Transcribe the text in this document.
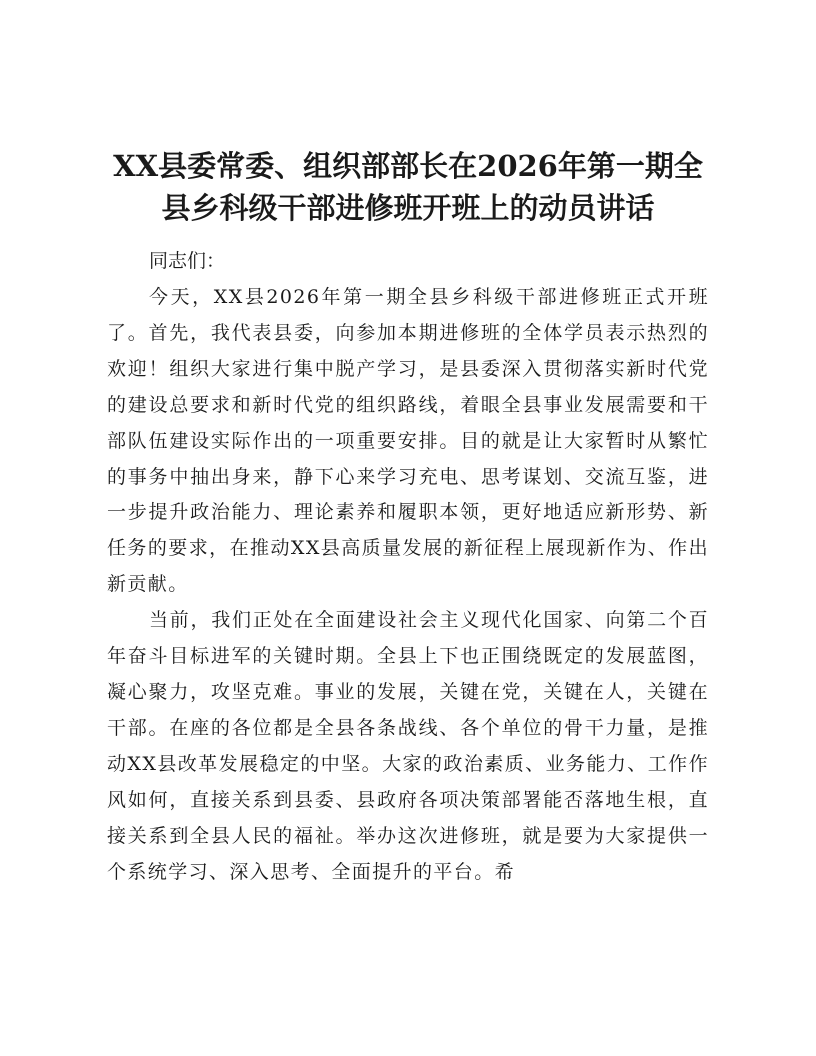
XX县委常委、组织部部长在2026年第一期全
县乡科级干部进修班开班上的动员讲话

同志们：

今天，XX县2026年第一期全县乡科级干部进修班正式开班了。首先，我代表县委，向参加本期进修班的全体学员表示热烈的欢迎！组织大家进行集中脱产学习，是县委深入贯彻落实新时代党的建设总要求和新时代党的组织路线，着眼全县事业发展需要和干部队伍建设实际作出的一项重要安排。目的就是让大家暂时从繁忙的事务中抽出身来，静下心来学习充电、思考谋划、交流互鉴，进一步提升政治能力、理论素养和履职本领，更好地适应新形势、新任务的要求，在推动XX县高质量发展的新征程上展现新作为、作出新贡献。

当前，我们正处在全面建设社会主义现代化国家、向第二个百年奋斗目标进军的关键时期。全县上下也正围绕既定的发展蓝图，凝心聚力，攻坚克难。事业的发展，关键在党，关键在人，关键在干部。在座的各位都是全县各条战线、各个单位的骨干力量，是推动XX县改革发展稳定的中坚。大家的政治素质、业务能力、工作作风如何，直接关系到县委、县政府各项决策部署能否落地生根，直接关系到全县人民的福祉。举办这次进修班，就是要为大家提供一个系统学习、深入思考、全面提升的平台。希
